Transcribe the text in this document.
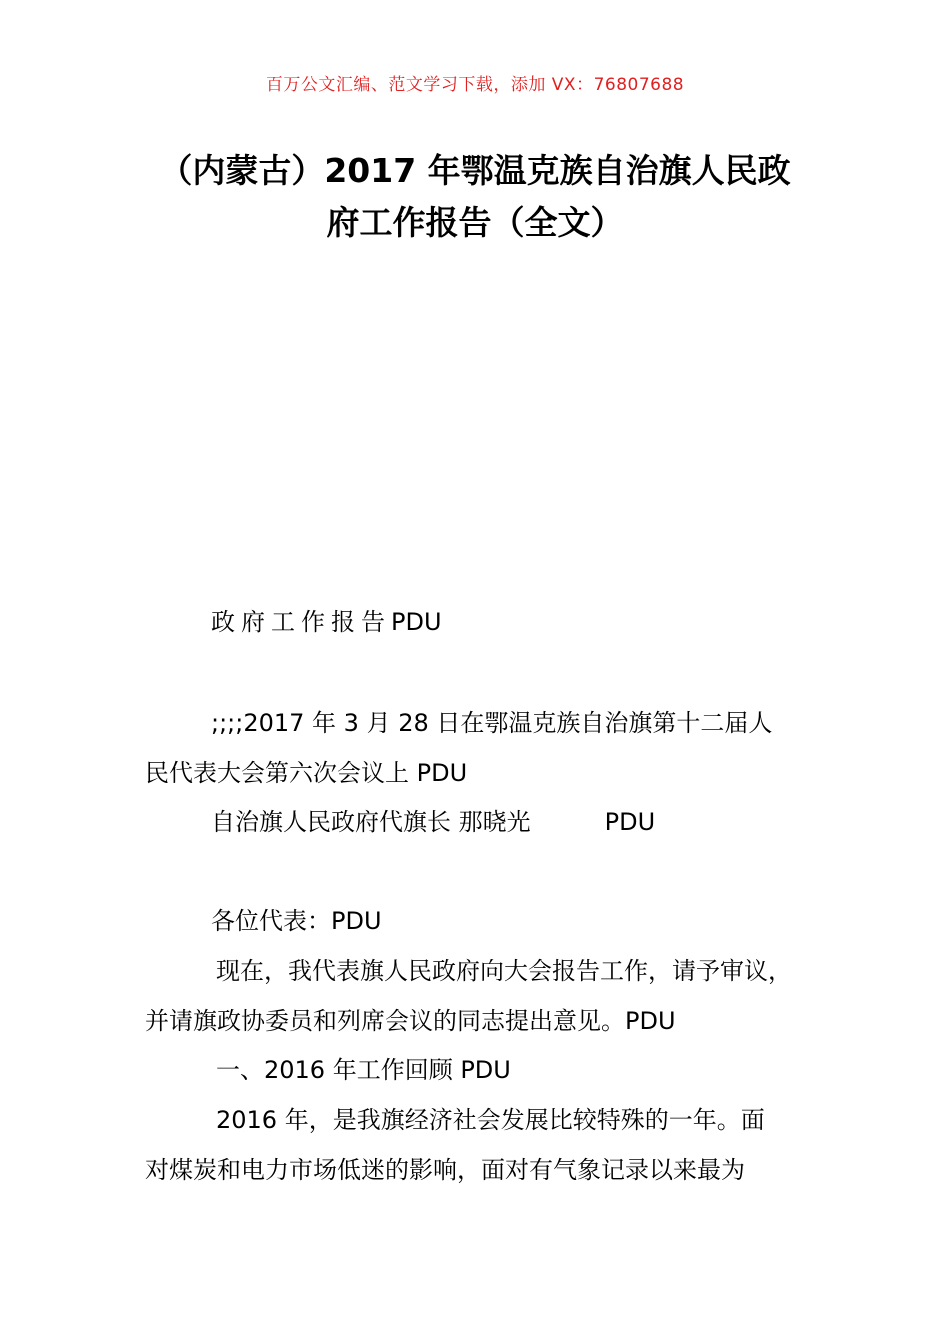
百万公文汇编、范文学习下载，添加 VX：76807688
（内蒙古）2017 年鄂温克族自治旗人民政
府工作报告（全文）
政府工作报告PDU
;;;;2017 年 3 月 28 日在鄂温克族自治旗第十二届人
民代表大会第六次会议上 PDU
自治旗人民政府代旗长 那晓光	PDU
各位代表：PDU
现在，我代表旗人民政府向大会报告工作，请予审议，
并请旗政协委员和列席会议的同志提出意见。PDU
一、2016 年工作回顾 PDU
2016 年，是我旗经济社会发展比较特殊的一年。面
对煤炭和电力市场低迷的影响，面对有气象记录以来最为
